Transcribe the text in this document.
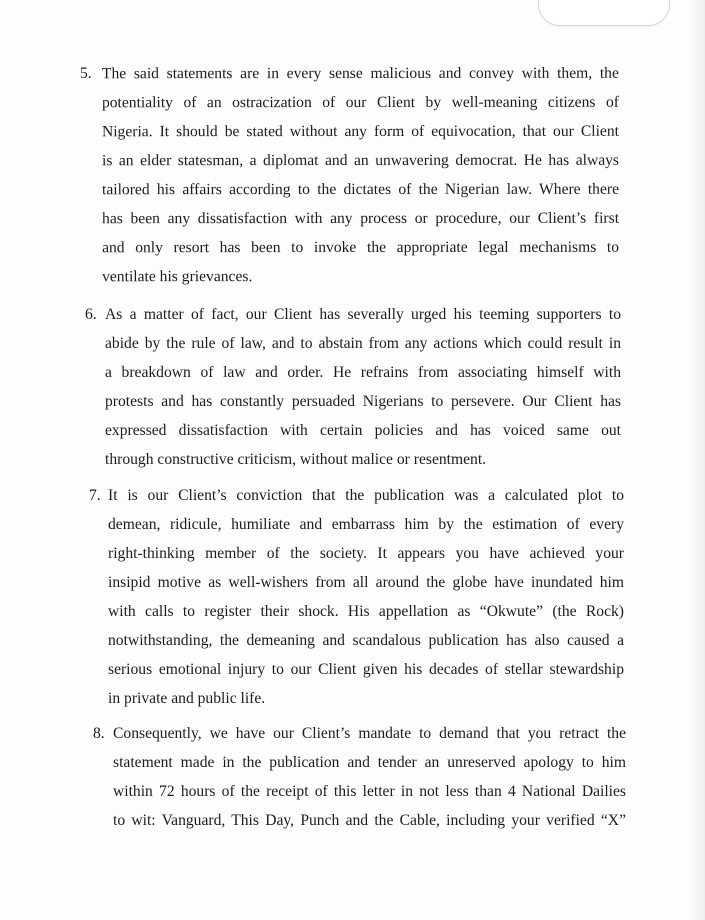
5. The said statements are in every sense malicious and convey with them, the
potentiality of an ostracization of our Client by well-meaning citizens of
Nigeria. It should be stated without any form of equivocation, that our Client
is an elder statesman, a diplomat and an unwavering democrat. He has always
tailored his affairs according to the dictates of the Nigerian law. Where there
has been any dissatisfaction with any process or procedure, our Client’s first
and only resort has been to invoke the appropriate legal mechanisms to
ventilate his grievances.
6. As a matter of fact, our Client has severally urged his teeming supporters to
abide by the rule of law, and to abstain from any actions which could result in
a breakdown of law and order. He refrains from associating himself with
protests and has constantly persuaded Nigerians to persevere. Our Client has
expressed dissatisfaction with certain policies and has voiced same out
through constructive criticism, without malice or resentment.
7. It is our Client’s conviction that the publication was a calculated plot to
demean, ridicule, humiliate and embarrass him by the estimation of every
right-thinking member of the society. It appears you have achieved your
insipid motive as well-wishers from all around the globe have inundated him
with calls to register their shock. His appellation as “Okwute” (the Rock)
notwithstanding, the demeaning and scandalous publication has also caused a
serious emotional injury to our Client given his decades of stellar stewardship
in private and public life.
8. Consequently, we have our Client’s mandate to demand that you retract the
statement made in the publication and tender an unreserved apology to him
within 72 hours of the receipt of this letter in not less than 4 National Dailies
to wit: Vanguard, This Day, Punch and the Cable, including your verified “X”
